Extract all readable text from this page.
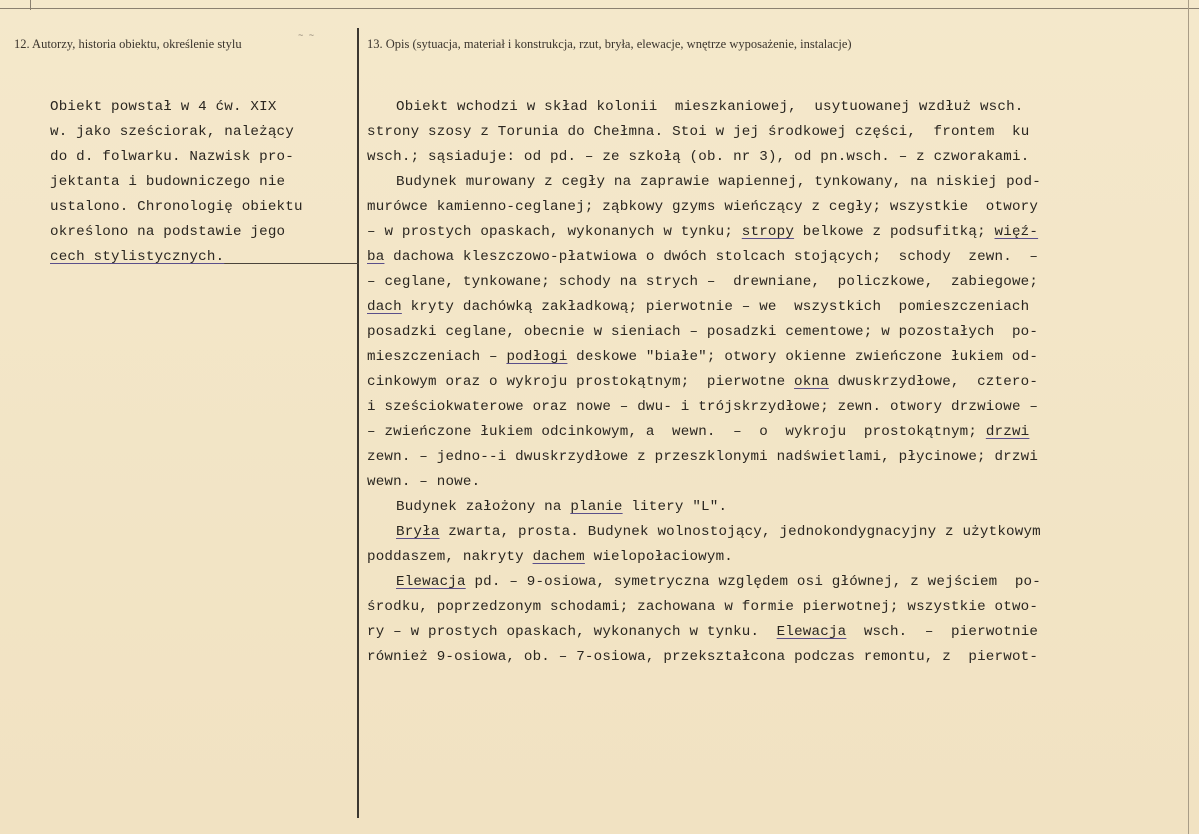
12. Autorzy, historia obiektu, określenie stylu
~ ~
13. Opis (sytuacja, materiał i konstrukcja, rzut, bryła, elewacje, wnętrze wyposażenie, instalacje)
Obiekt powstał w 4 ćw. XIX
w. jako sześciorak, należący
do d. folwarku. Nazwisk pro-
jektanta i budowniczego nie
ustalono. Chronologię obiektu
określono na podstawie jego
cech stylistycznych.
Obiekt wchodzi w skład kolonii mieszkaniowej, usytuowanej wzdłuż wsch.
strony szosy z Torunia do Chełmna. Stoi w jej środkowej części, frontem ku
wsch.; sąsiaduje: od pd. – ze szkołą (ob. nr 3), od pn.wsch. – z czworakami.
Budynek murowany z cegły na zaprawie wapiennej, tynkowany, na niskiej pod-
murówce kamienno-ceglanej; ząbkowy gzyms wieńczący z cegły; wszystkie otwory
– w prostych opaskach, wykonanych w tynku; stropy belkowe z podsufitką; więź-
ba dachowa kleszczowo-płatwiowa o dwóch stolcach stojących; schody zewn. –
– ceglane, tynkowane; schody na strych – drewniane, policzkowe, zabiegowe;
dach kryty dachówką zakładkową; pierwotnie – we wszystkich pomieszczeniach
posadzki ceglane, obecnie w sieniach – posadzki cementowe; w pozostałych po-
mieszczeniach – podłogi deskowe "białe"; otwory okienne zwieńczone łukiem od-
cinkowym oraz o wykroju prostokątnym; pierwotne okna dwuskrzydłowe, cztero-
i sześciokwaterowe oraz nowe – dwu- i trójskrzydłowe; zewn. otwory drzwiowe –
– zwieńczone łukiem odcinkowym, a wewn. – o wykroju prostokątnym; drzwi
zewn. – jedno--i dwuskrzydłowe z przeszklonymi nadświetlami, płycinowe; drzwi
wewn. – nowe.
Budynek założony na planie litery "L".
Bryła zwarta, prosta. Budynek wolnostojący, jednokondygnacyjny z użytkowym
poddaszem, nakryty dachem wielopołaciowym.
Elewacja pd. – 9-osiowa, symetryczna względem osi głównej, z wejściem po-
środku, poprzedzonym schodami; zachowana w formie pierwotnej; wszystkie otwo-
ry – w prostych opaskach, wykonanych w tynku. Elewacja wsch. – pierwotnie
również 9-osiowa, ob. – 7-osiowa, przekształcona podczas remontu, z pierwot-
